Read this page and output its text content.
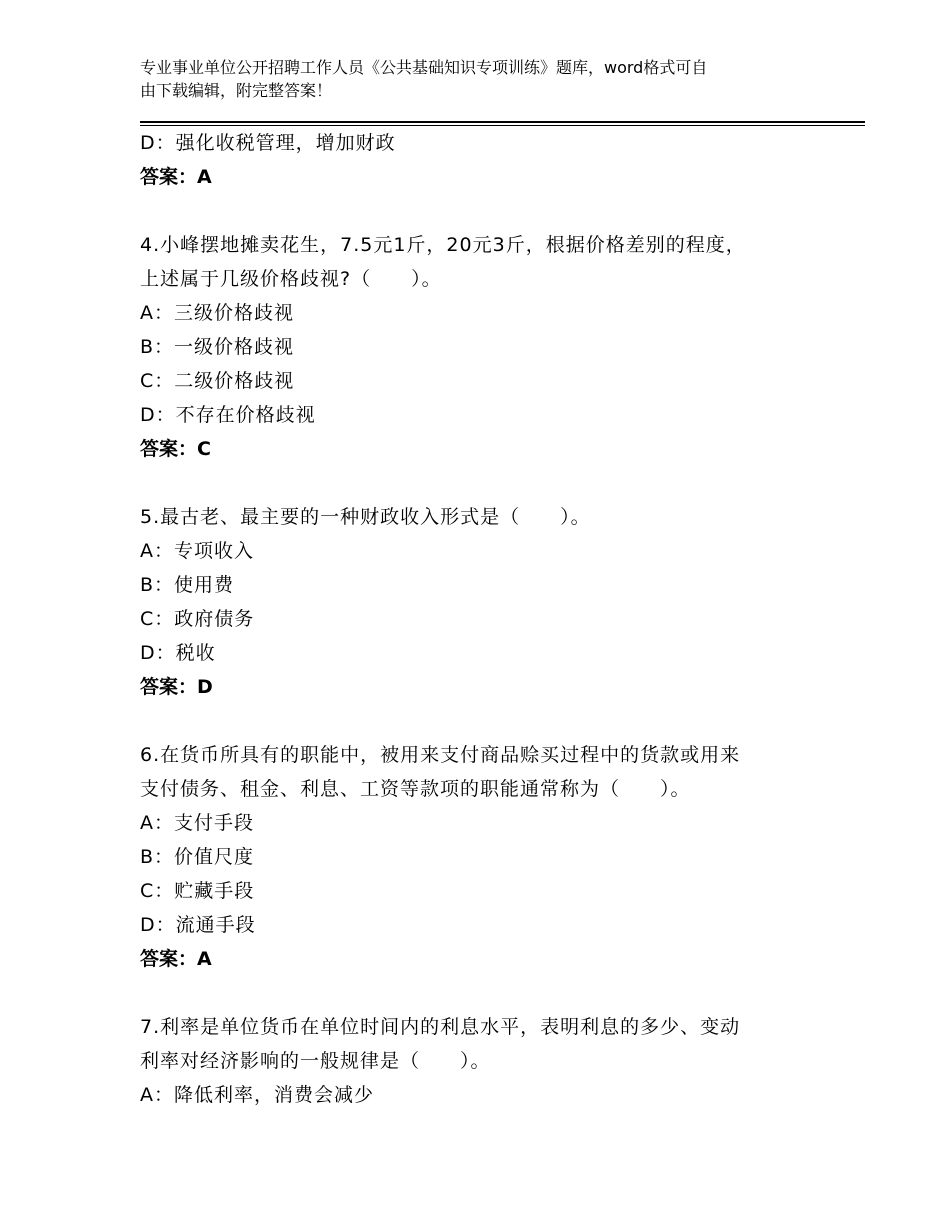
专业事业单位公开招聘工作人员《公共基础知识专项训练》题库，word格式可自
由下载编辑，附完整答案！
D：强化收税管理，增加财政
答案：A
4.小峰摆地摊卖花生，7.5元1斤，20元3斤，根据价格差别的程度，
上述属于几级价格歧视?（　　）。
A：三级价格歧视
B：一级价格歧视
C：二级价格歧视
D：不存在价格歧视
答案：C
5.最古老、最主要的一种财政收入形式是（　　）。
A：专项收入
B：使用费
C：政府债务
D：税收
答案：D
6.在货币所具有的职能中，被用来支付商品赊买过程中的货款或用来
支付债务、租金、利息、工资等款项的职能通常称为（　　）。
A：支付手段
B：价值尺度
C：贮藏手段
D：流通手段
答案：A
7.利率是单位货币在单位时间内的利息水平，表明利息的多少、变动
利率对经济影响的一般规律是（　　）。
A：降低利率，消费会减少
